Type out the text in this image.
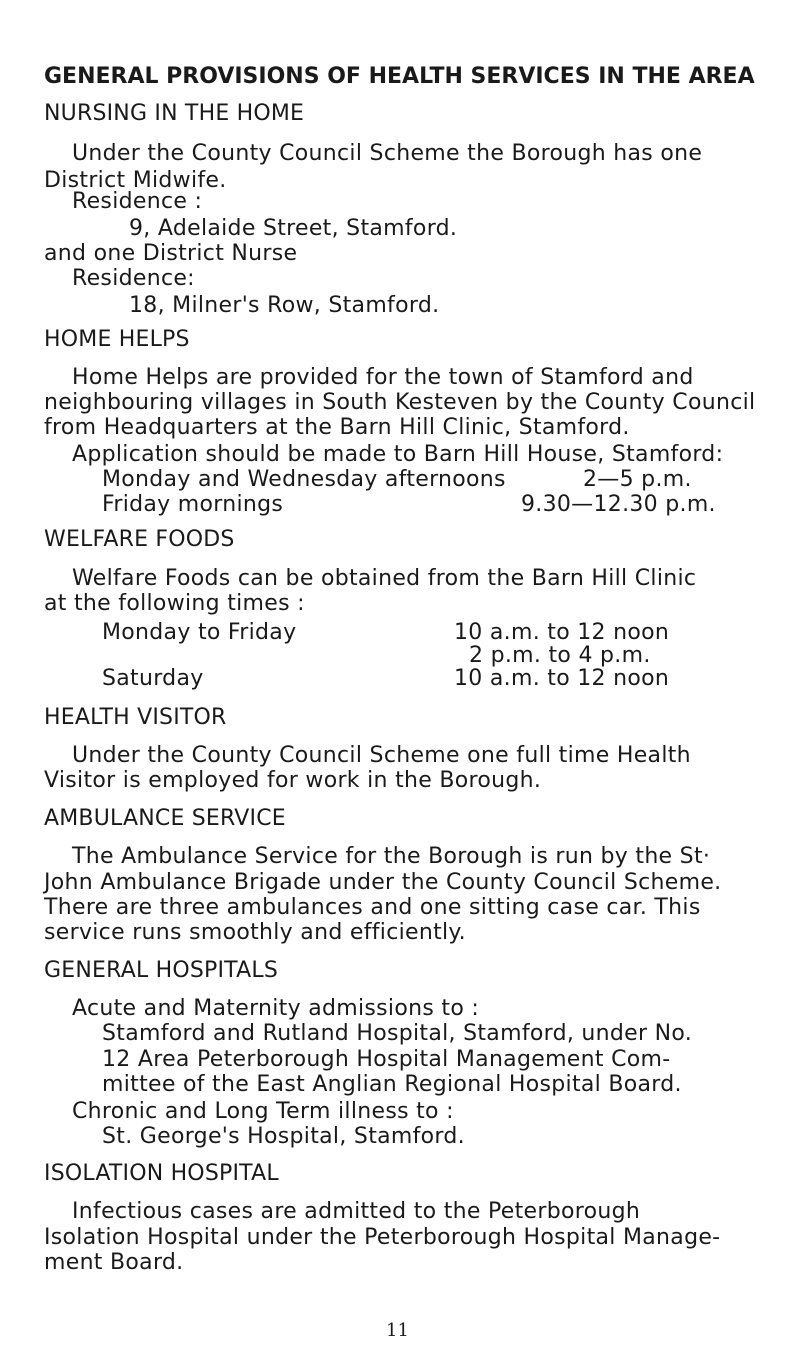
GENERAL PROVISIONS OF HEALTH SERVICES IN THE AREA
NURSING IN THE HOME
Under the County Council Scheme the Borough has one
District Midwife.
Residence :
9, Adelaide Street, Stamford.
and one District Nurse
Residence:
18, Milner's Row, Stamford.
HOME HELPS
Home Helps are provided for the town of Stamford and
neighbouring villages in South Kesteven by the County Council
from Headquarters at the Barn Hill Clinic, Stamford.
Application should be made to Barn Hill House, Stamford:
Monday and Wednesday afternoons	2—5 p.m.
Friday mornings	9.30—12.30 p.m.
WELFARE FOODS
Welfare Foods can be obtained from the Barn Hill Clinic
at the following times :
Monday to Friday	10 a.m. to 12 noon
2 p.m. to 4 p.m.
Saturday	10 a.m. to 12 noon
HEALTH VISITOR
Under the County Council Scheme one full time Health
Visitor is employed for work in the Borough.
AMBULANCE SERVICE
The Ambulance Service for the Borough is run by the St·
John Ambulance Brigade under the County Council Scheme.
There are three ambulances and one sitting case car. This
service runs smoothly and efficiently.
GENERAL HOSPITALS
Acute and Maternity admissions to :
Stamford and Rutland Hospital, Stamford, under No.
12 Area Peterborough Hospital Management Com-
mittee of the East Anglian Regional Hospital Board.
Chronic and Long Term illness to :
St. George's Hospital, Stamford.
ISOLATION HOSPITAL
Infectious cases are admitted to the Peterborough
Isolation Hospital under the Peterborough Hospital Manage-
ment Board.
11
